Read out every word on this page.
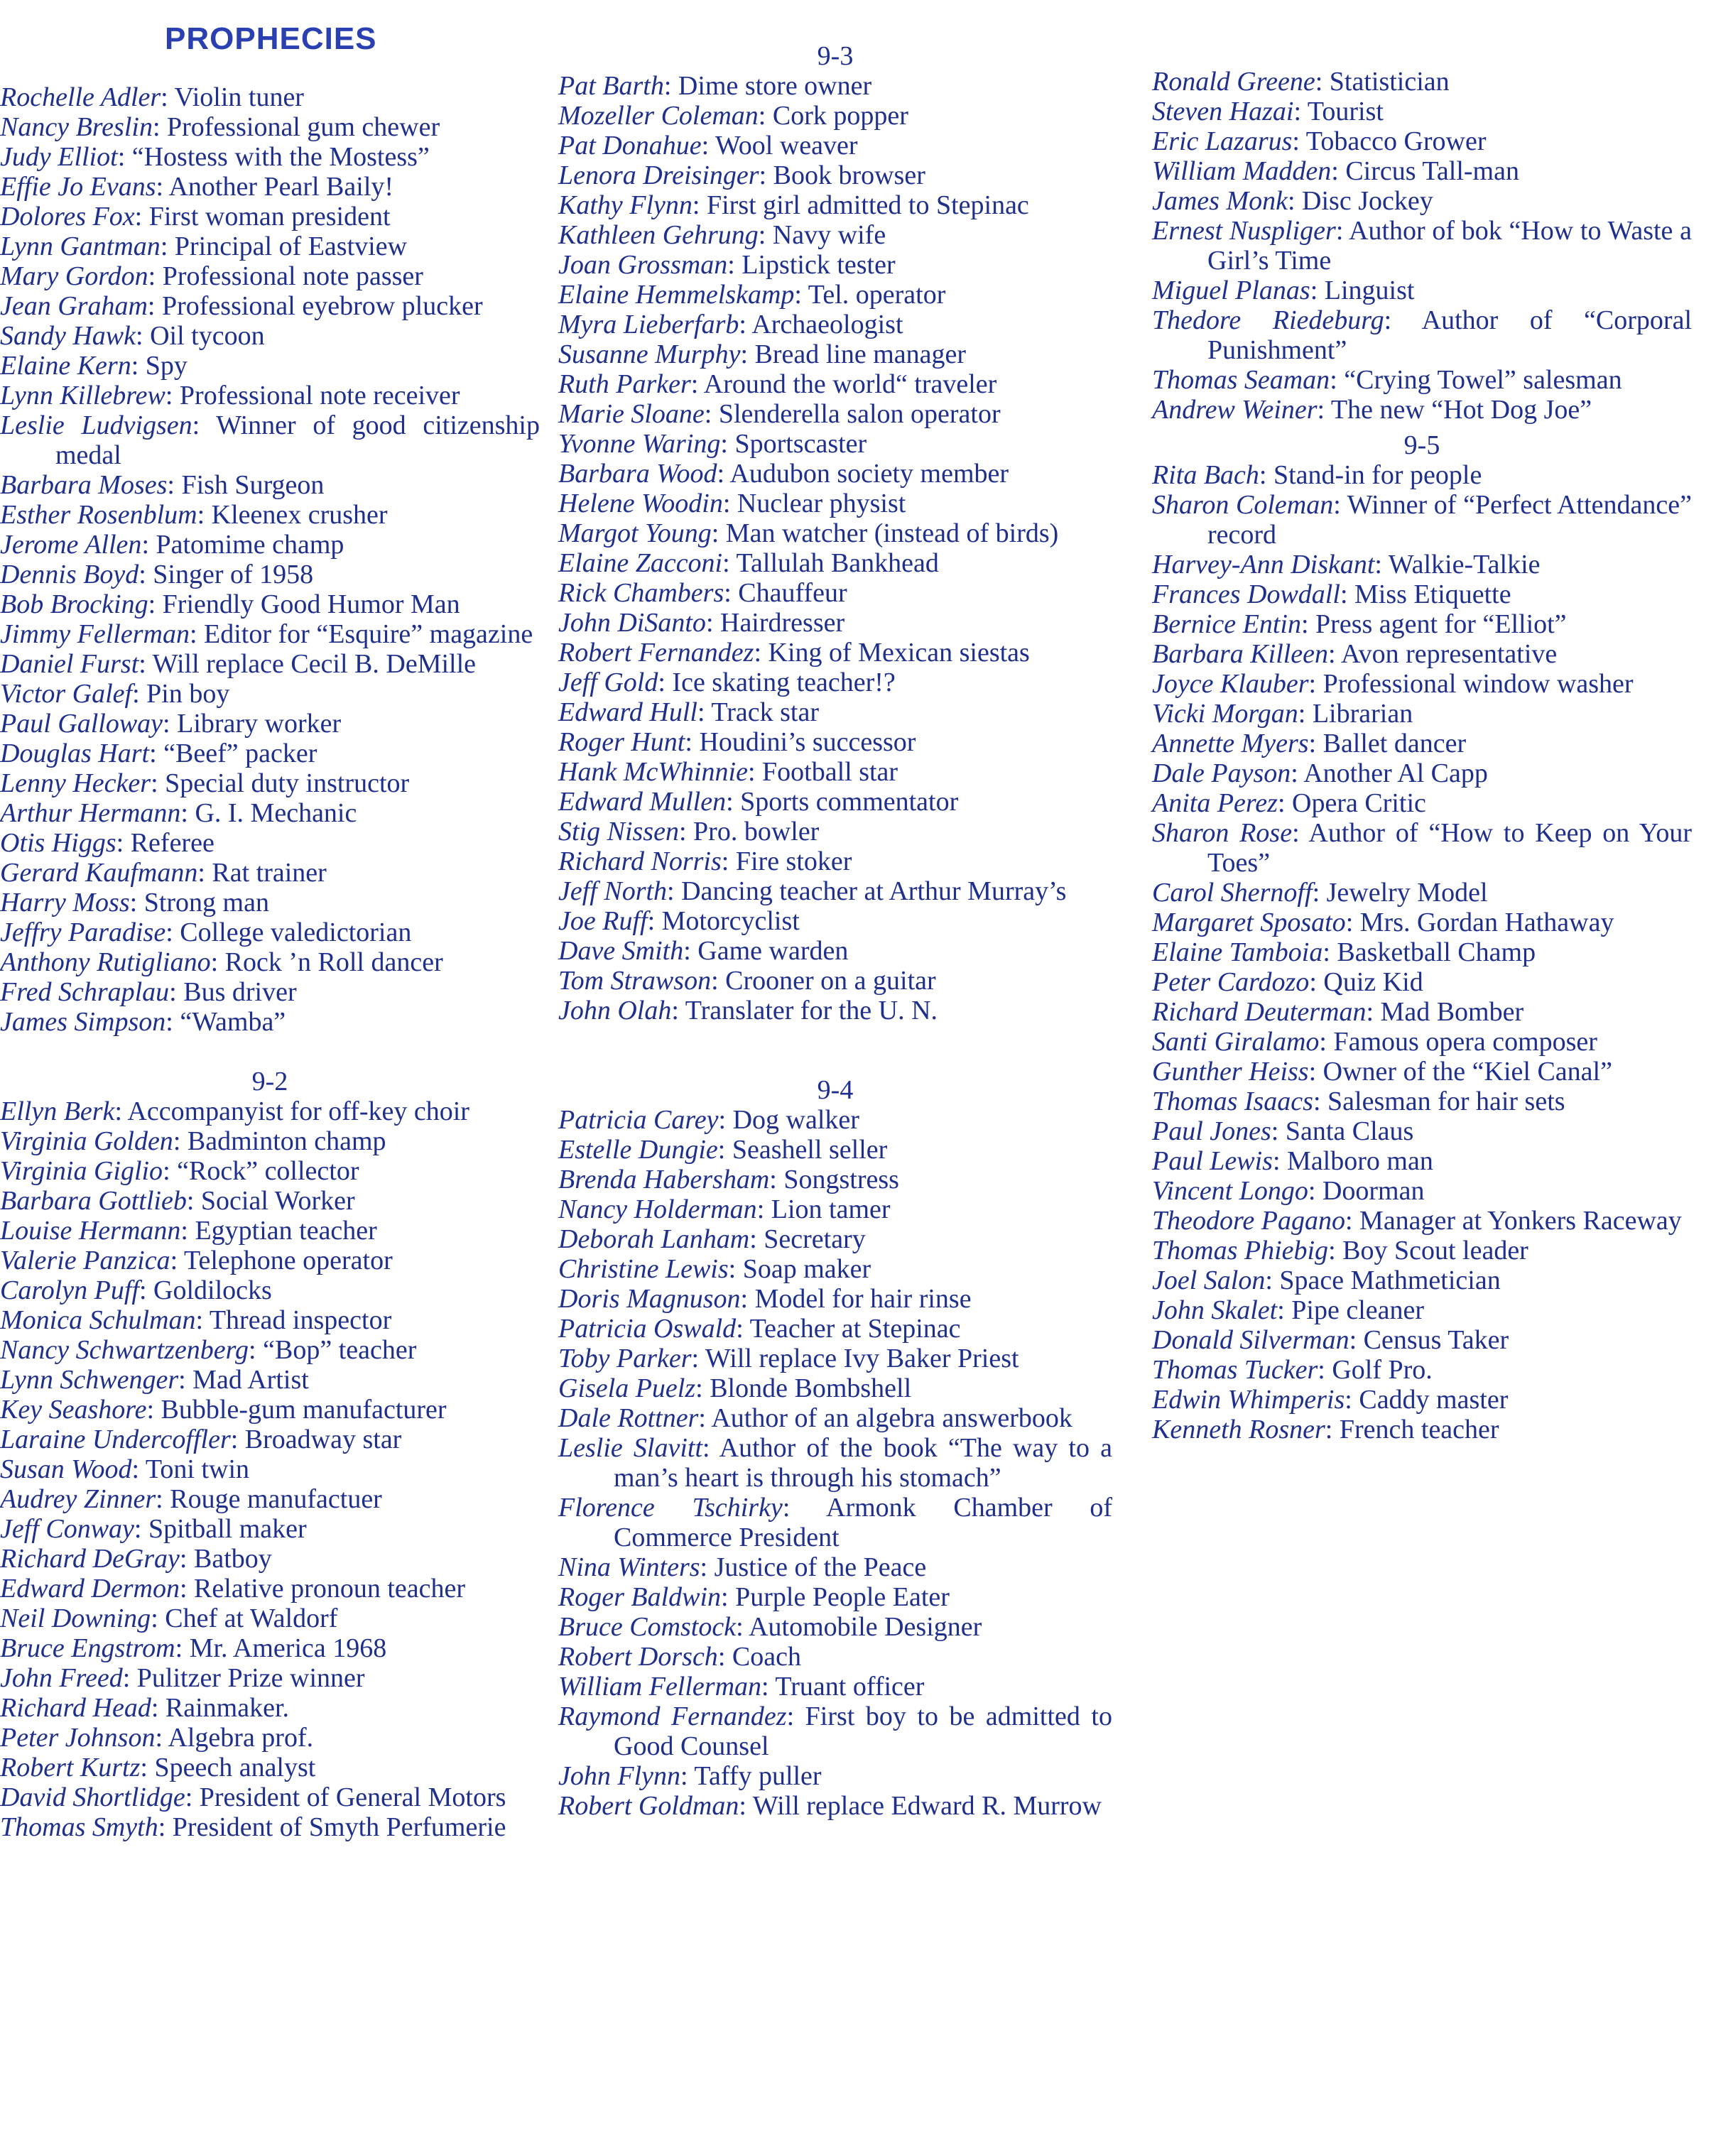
PROPHECIES

Rochelle Adler: Violin tuner

Nancy Breslin: Professional gum chewer

Judy Elliot: “Hostess with the Mostess”

Effie Jo Evans: Another Pearl Baily!

Dolores Fox: First woman president

Lynn Gantman: Principal of Eastview

Mary Gordon: Professional note passer

Jean Graham: Professional eyebrow plucker

Sandy Hawk: Oil tycoon

Elaine Kern: Spy

Lynn Killebrew: Professional note receiver

Leslie Ludvigsen: Winner of good citizenship medal

Barbara Moses: Fish Surgeon

Esther Rosenblum: Kleenex crusher

Jerome Allen: Patomime champ

Dennis Boyd: Singer of 1958

Bob Brocking: Friendly Good Humor Man

Jimmy Fellerman: Editor for “Esquire” magazine

Daniel Furst: Will replace Cecil B. DeMille

Victor Galef: Pin boy

Paul Galloway: Library worker

Douglas Hart: “Beef” packer

Lenny Hecker: Special duty instructor

Arthur Hermann: G. I. Mechanic

Otis Higgs: Referee

Gerard Kaufmann: Rat trainer

Harry Moss: Strong man

Jeffry Paradise: College valedictorian

Anthony Rutigliano: Rock ’n Roll dancer

Fred Schraplau: Bus driver

James Simpson: “Wamba”

9-2

Ellyn Berk: Accompanyist for off-key choir

Virginia Golden: Badminton champ

Virginia Giglio: “Rock” collector

Barbara Gottlieb: Social Worker

Louise Hermann: Egyptian teacher

Valerie Panzica: Telephone operator

Carolyn Puff: Goldilocks

Monica Schulman: Thread inspector

Nancy Schwartzenberg: “Bop” teacher

Lynn Schwenger: Mad Artist

Key Seashore: Bubble-gum manufacturer

Laraine Undercoffler: Broadway star

Susan Wood: Toni twin

Audrey Zinner: Rouge manufactuer

Jeff Conway: Spitball maker

Richard DeGray: Batboy

Edward Dermon: Relative pronoun teacher

Neil Downing: Chef at Waldorf

Bruce Engstrom: Mr. America 1968

John Freed: Pulitzer Prize winner

Richard Head: Rainmaker.

Peter Johnson: Algebra prof.

Robert Kurtz: Speech analyst

David Shortlidge: President of General Motors

Thomas Smyth: President of Smyth Perfumerie

9-3

Pat Barth: Dime store owner

Mozeller Coleman: Cork popper

Pat Donahue: Wool weaver

Lenora Dreisinger: Book browser

Kathy Flynn: First girl admitted to Stepinac

Kathleen Gehrung: Navy wife

Joan Grossman: Lipstick tester

Elaine Hemmelskamp: Tel. operator

Myra Lieberfarb: Archaeologist

Susanne Murphy: Bread line manager

Ruth Parker: Around the world“ traveler

Marie Sloane: Slenderella salon operator

Yvonne Waring: Sportscaster

Barbara Wood: Audubon society member

Helene Woodin: Nuclear physist

Margot Young: Man watcher (instead of birds)

Elaine Zacconi: Tallulah Bankhead

Rick Chambers: Chauffeur

John DiSanto: Hairdresser

Robert Fernandez: King of Mexican siestas

Jeff Gold: Ice skating teacher!?

Edward Hull: Track star

Roger Hunt: Houdini’s successor

Hank McWhinnie: Football star

Edward Mullen: Sports commentator

Stig Nissen: Pro. bowler

Richard Norris: Fire stoker

Jeff North: Dancing teacher at Arthur Murray’s

Joe Ruff: Motorcyclist

Dave Smith: Game warden

Tom Strawson: Crooner on a guitar

John Olah: Translater for the U. N.

9-4

Patricia Carey: Dog walker

Estelle Dungie: Seashell seller

Brenda Habersham: Songstress

Nancy Holderman: Lion tamer

Deborah Lanham: Secretary

Christine Lewis: Soap maker

Doris Magnuson: Model for hair rinse

Patricia Oswald: Teacher at Stepinac

Toby Parker: Will replace Ivy Baker Priest

Gisela Puelz: Blonde Bombshell

Dale Rottner: Author of an algebra answerbook

Leslie Slavitt: Author of the book “The way to a man’s heart is through his stomach”

Florence Tschirky: Armonk Chamber of Commerce President

Nina Winters: Justice of the Peace

Roger Baldwin: Purple People Eater

Bruce Comstock: Automobile Designer

Robert Dorsch: Coach

William Fellerman: Truant officer

Raymond Fernandez: First boy to be admitted to Good Counsel

John Flynn: Taffy puller

Robert Goldman: Will replace Edward R. Murrow

Ronald Greene: Statistician

Steven Hazai: Tourist

Eric Lazarus: Tobacco Grower

William Madden: Circus Tall-man

James Monk: Disc Jockey

Ernest Nuspliger: Author of bok “How to Waste a Girl’s Time

Miguel Planas: Linguist

Thedore Riedeburg: Author of “Corporal Punishment”

Thomas Seaman: “Crying Towel” salesman

Andrew Weiner: The new “Hot Dog Joe”

9-5

Rita Bach: Stand-in for people

Sharon Coleman: Winner of “Perfect Attendance” record

Harvey-Ann Diskant: Walkie-Talkie

Frances Dowdall: Miss Etiquette

Bernice Entin: Press agent for “Elliot”

Barbara Killeen: Avon representative

Joyce Klauber: Professional window washer

Vicki Morgan: Librarian

Annette Myers: Ballet dancer

Dale Payson: Another Al Capp

Anita Perez: Opera Critic

Sharon Rose: Author of “How to Keep on Your Toes”

Carol Shernoff: Jewelry Model

Margaret Sposato: Mrs. Gordan Hathaway

Elaine Tamboia: Basketball Champ

Peter Cardozo: Quiz Kid

Richard Deuterman: Mad Bomber

Santi Giralamo: Famous opera composer

Gunther Heiss: Owner of the “Kiel Canal”

Thomas Isaacs: Salesman for hair sets

Paul Jones: Santa Claus

Paul Lewis: Malboro man

Vincent Longo: Doorman

Theodore Pagano: Manager at Yonkers Raceway

Thomas Phiebig: Boy Scout leader

Joel Salon: Space Mathmetician

John Skalet: Pipe cleaner

Donald Silverman: Census Taker

Thomas Tucker: Golf Pro.

Edwin Whimperis: Caddy master

Kenneth Rosner: French teacher
